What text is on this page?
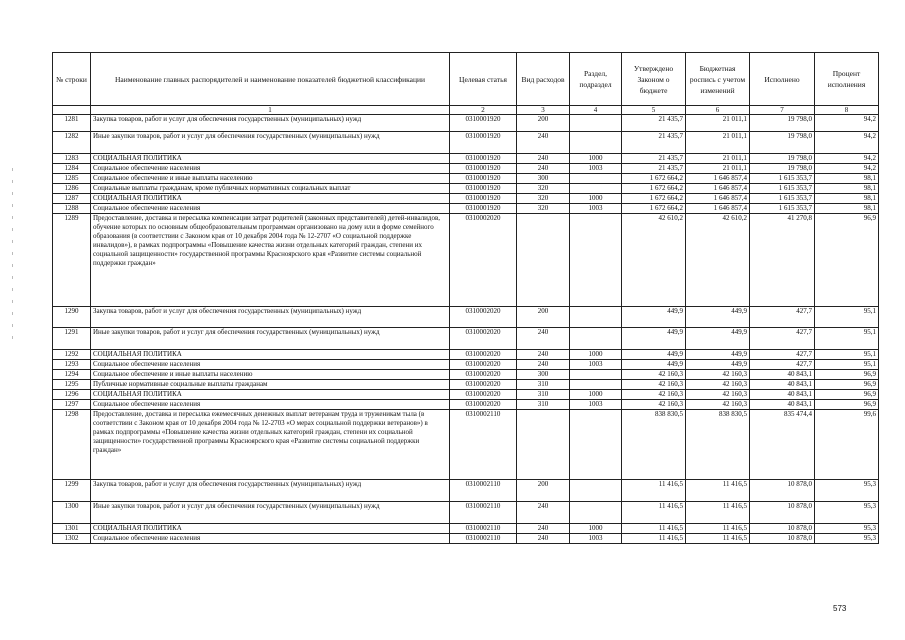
№ строки	Наименование главных распорядителей и наименование показателей бюджетной классификации	Целевая статья	Вид расходов	Раздел, подраздел	Утверждено Законом о бюджете	Бюджетная роспись с учетом изменений	Исполнено	Процент исполнения
	1	2	3	4	5	6	7	8
1281	Закупка товаров, работ и услуг для обеспечения государственных (муниципальных) нужд	0310001920	200		21 435,7	21 011,1	19 798,0	94,2
1282	Иные закупки товаров, работ и услуг для обеспечения государственных (муниципальных) нужд	0310001920	240		21 435,7	21 011,1	19 798,0	94,2
1283	СОЦИАЛЬНАЯ ПОЛИТИКА	0310001920	240	1000	21 435,7	21 011,1	19 798,0	94,2
1284	Социальное обеспечение населения	0310001920	240	1003	21 435,7	21 011,1	19 798,0	94,2
1285	Социальное обеспечение и иные выплаты населению	0310001920	300		1 672 664,2	1 646 857,4	1 615 353,7	98,1
1286	Социальные выплаты гражданам, кроме публичных нормативных социальных выплат	0310001920	320		1 672 664,2	1 646 857,4	1 615 353,7	98,1
1287	СОЦИАЛЬНАЯ ПОЛИТИКА	0310001920	320	1000	1 672 664,2	1 646 857,4	1 615 353,7	98,1
1288	Социальное обеспечение населения	0310001920	320	1003	1 672 664,2	1 646 857,4	1 615 353,7	98,1
1289	Предоставление, доставка и пересылка компенсации затрат родителей (законных представителей) детей-инвалидов, обучение которых по основным общеобразовательным программам организовано на дому или в форме семейного образования (в соответствии с Законом края от 10 декабря 2004 года № 12-2707 «О социальной поддержке инвалидов»), в рамках подпрограммы «Повышение качества жизни отдельных категорий граждан, степени их социальной защищенности» государственной программы Красноярского края «Развитие системы социальной поддержки граждан»	0310002020			42 610,2	42 610,2	41 270,8	96,9
1290	Закупка товаров, работ и услуг для обеспечения государственных (муниципальных) нужд	0310002020	200		449,9	449,9	427,7	95,1
1291	Иные закупки товаров, работ и услуг для обеспечения государственных (муниципальных) нужд	0310002020	240		449,9	449,9	427,7	95,1
1292	СОЦИАЛЬНАЯ ПОЛИТИКА	0310002020	240	1000	449,9	449,9	427,7	95,1
1293	Социальное обеспечение населения	0310002020	240	1003	449,9	449,9	427,7	95,1
1294	Социальное обеспечение и иные выплаты населению	0310002020	300		42 160,3	42 160,3	40 843,1	96,9
1295	Публичные нормативные социальные выплаты гражданам	0310002020	310		42 160,3	42 160,3	40 843,1	96,9
1296	СОЦИАЛЬНАЯ ПОЛИТИКА	0310002020	310	1000	42 160,3	42 160,3	40 843,1	96,9
1297	Социальное обеспечение населения	0310002020	310	1003	42 160,3	42 160,3	40 843,1	96,9
1298	Предоставление, доставка и пересылка ежемесячных денежных выплат ветеранам труда и труженикам тыла (в соответствии с Законом края от 10 декабря 2004 года № 12-2703 «О мерах социальной поддержки ветеранов») в рамках подпрограммы «Повышение качества жизни отдельных категорий граждан, степени их социальной защищенности» государственной программы Красноярского края «Развитие системы социальной поддержки граждан»	0310002110			838 830,5	838 830,5	835 474,4	99,6
1299	Закупка товаров, работ и услуг для обеспечения государственных (муниципальных) нужд	0310002110	200		11 416,5	11 416,5	10 878,0	95,3
1300	Иные закупки товаров, работ и услуг для обеспечения государственных (муниципальных) нужд	0310002110	240		11 416,5	11 416,5	10 878,0	95,3
1301	СОЦИАЛЬНАЯ ПОЛИТИКА	0310002110	240	1000	11 416,5	11 416,5	10 878,0	95,3
1302	Социальное обеспечение населения	0310002110	240	1003	11 416,5	11 416,5	10 878,0	95,3
573
